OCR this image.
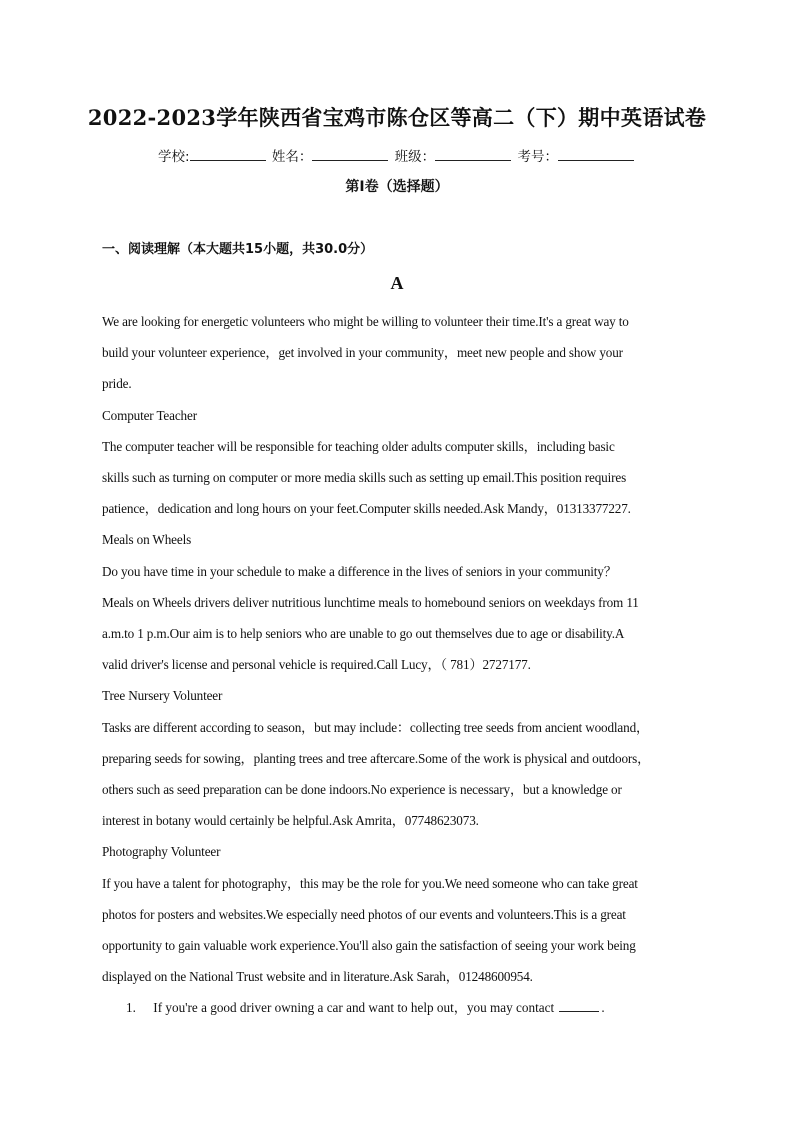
2022-2023学年陕西省宝鸡市陈仓区等高二（下）期中英语试卷
学校:	姓名：	班级：	考号：
第I卷（选择题）
一、阅读理解（本大题共15小题，共30.0分）
A

We are looking for energetic volunteers who might be willing to volunteer their time.It's a great way to

build your volunteer experience，get involved in your community，meet new people and show your

pride.

Computer Teacher

The computer teacher will be responsible for teaching older adults computer skills，including basic

skills such as turning on computer or more media skills such as setting up email.This position requires

patience，dedication and long hours on your feet.Computer skills needed.Ask Mandy，01313377227.

Meals on Wheels

Do you have time in your schedule to make a difference in the lives of seniors in your community？

Meals on Wheels drivers deliver nutritious lunchtime meals to homebound seniors on weekdays from 11

a.m.to 1 p.m.Our aim is to help seniors who are unable to go out themselves due to age or disability.A

valid driver's license and personal vehicle is required.Call Lucy，（ 781）2727177.

Tree Nursery Volunteer

Tasks are different according to season，but may include：collecting tree seeds from ancient woodland，

preparing seeds for sowing，planting trees and tree aftercare.Some of the work is physical and outdoors，

others such as seed preparation can be done indoors.No experience is necessary，but a knowledge or

interest in botany would certainly be helpful.Ask Amrita，07748623073.

Photography Volunteer

If you have a talent for photography，this may be the role for you.We need someone who can take great

photos for posters and websites.We especially need photos of our events and volunteers.This is a great

opportunity to gain valuable work experience.You'll also gain the satisfaction of seeing your work being

displayed on the National Trust website and in literature.Ask Sarah，01248600954.

1. If you're a good driver owning a car and want to help out，you may contact	.
